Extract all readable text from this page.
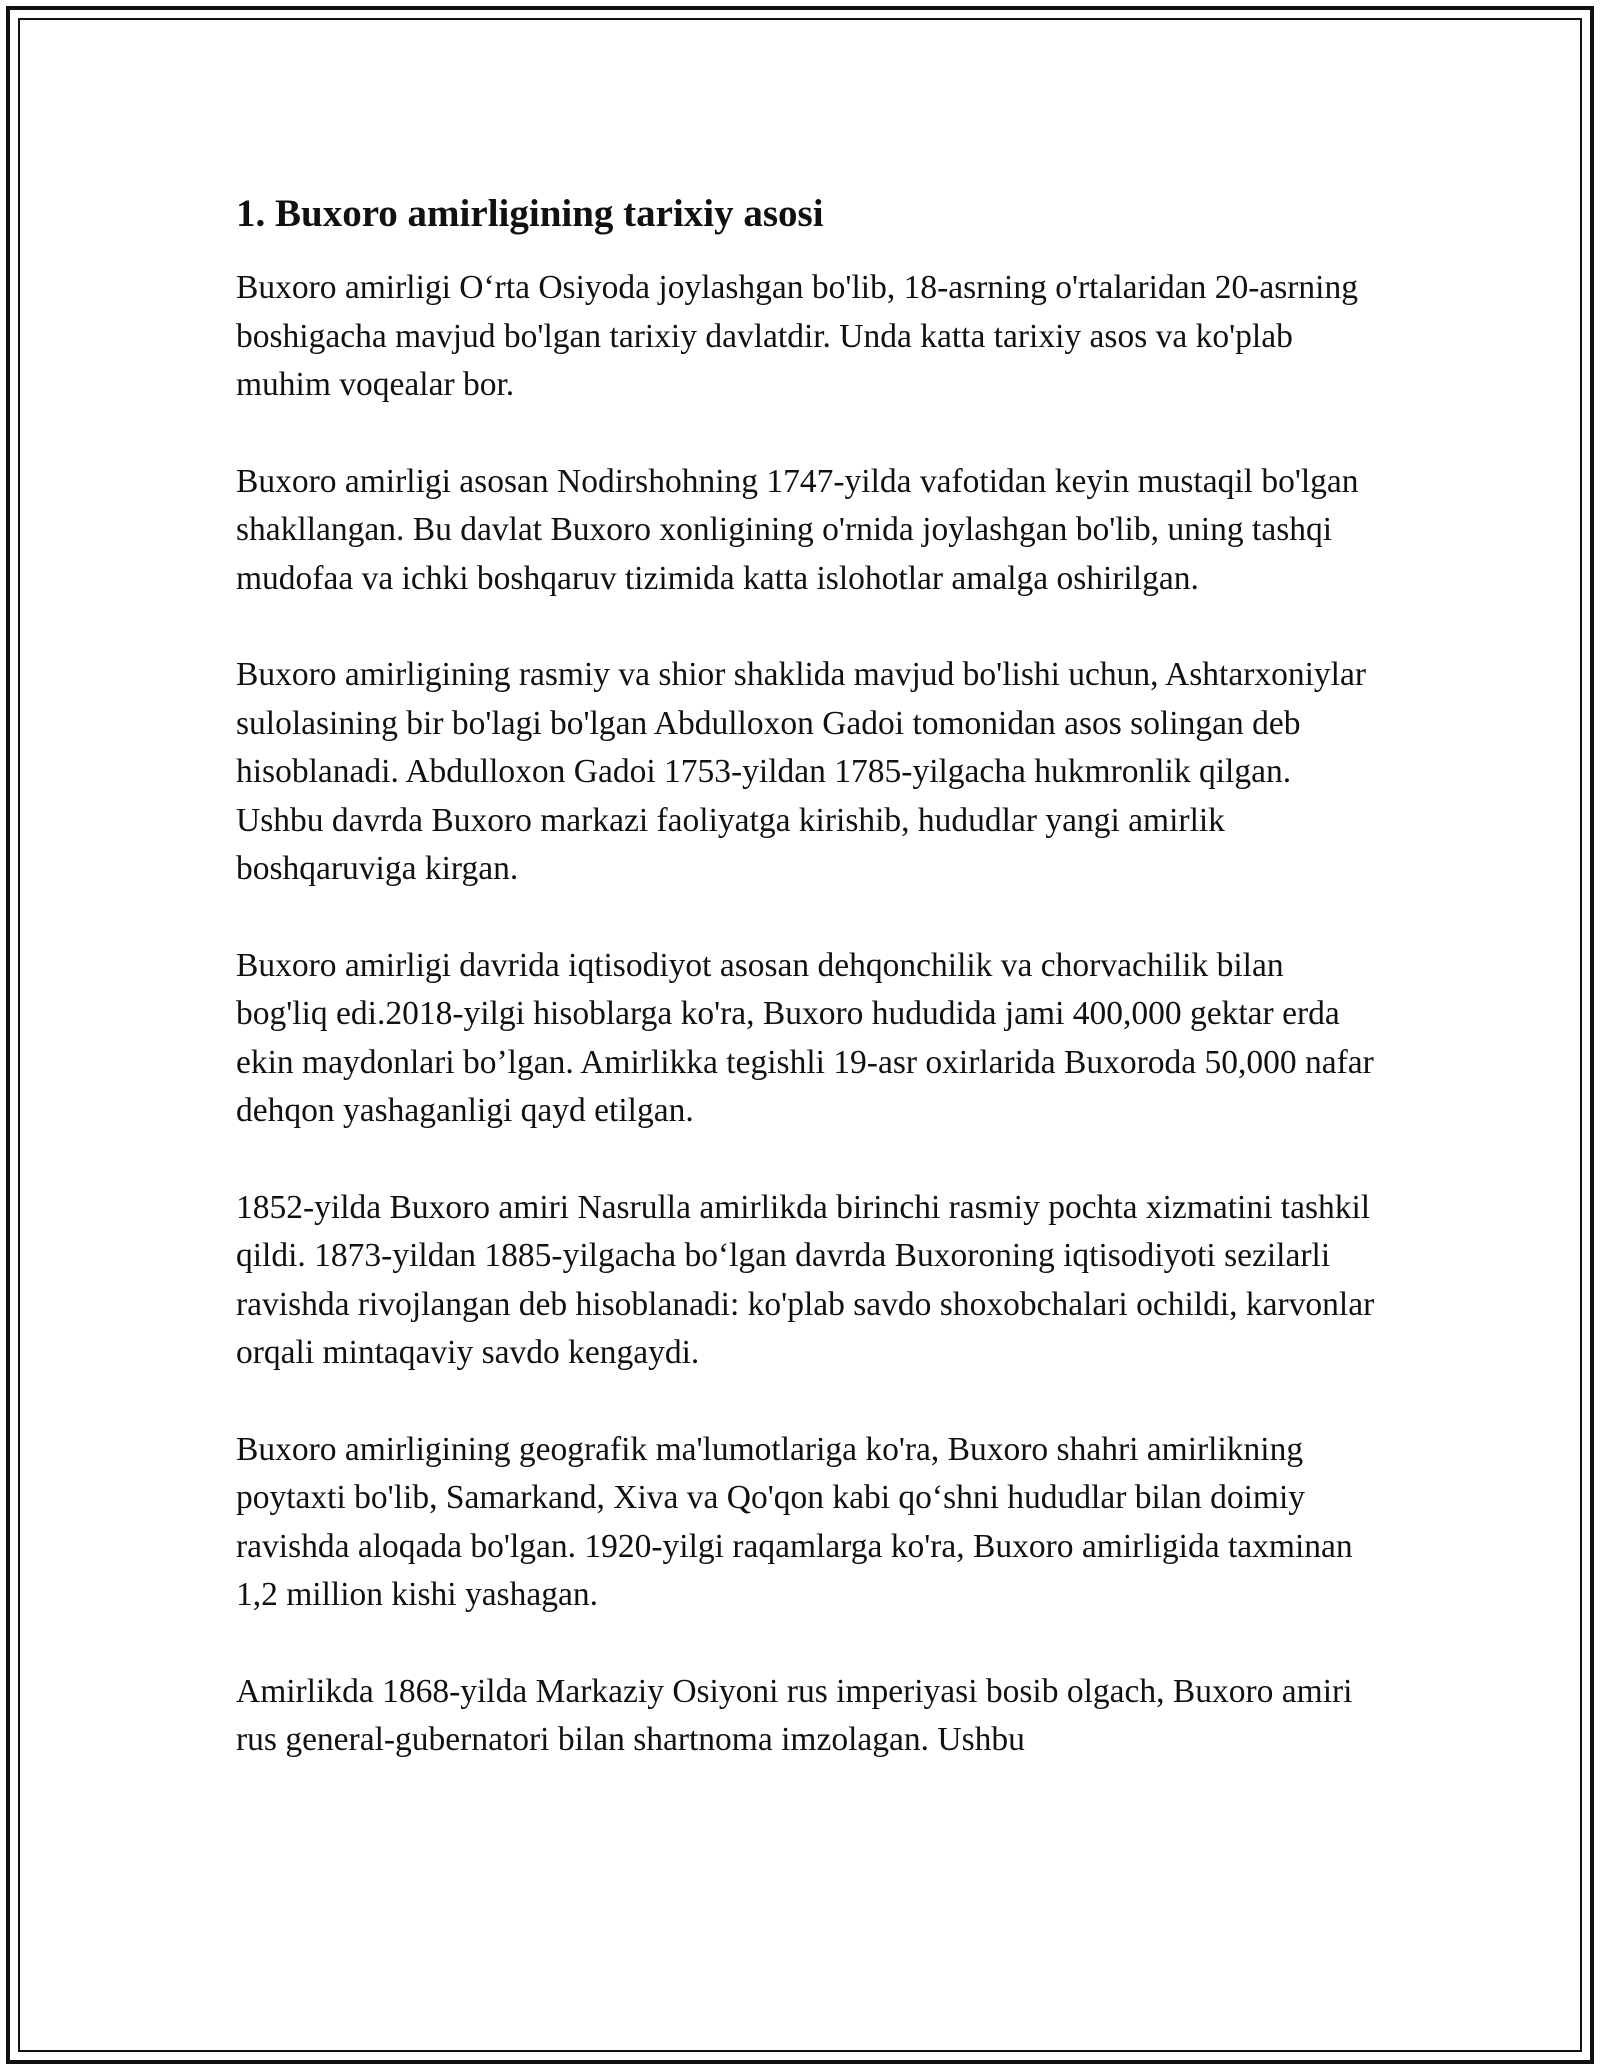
1. Buxoro amirligining tarixiy asosi

Buxoro amirligi O‘rta Osiyoda joylashgan bo'lib, 18-asrning o'rtalaridan 20-asrning boshigacha mavjud bo'lgan tarixiy davlatdir. Unda katta tarixiy asos va ko'plab muhim voqealar bor.

Buxoro amirligi asosan Nodirshohning 1747-yilda vafotidan keyin mustaqil bo'lgan shakllangan. Bu davlat Buxoro xonligining o'rnida joylashgan bo'lib, uning tashqi mudofaa va ichki boshqaruv tizimida katta islohotlar amalga oshirilgan.

Buxoro amirligining rasmiy va shior shaklida mavjud bo'lishi uchun, Ashtarxoniylar sulolasining bir bo'lagi bo'lgan Abdulloxon Gadoi tomonidan asos solingan deb hisoblanadi. Abdulloxon Gadoi 1753-yildan 1785-yilgacha hukmronlik qilgan. Ushbu davrda Buxoro markazi faoliyatga kirishib, hududlar yangi amirlik boshqaruviga kirgan.

Buxoro amirligi davrida iqtisodiyot asosan dehqonchilik va chorvachilik bilan bog'liq edi.2018-yilgi hisoblarga ko'ra, Buxoro hududida jami 400,000 gektar erda ekin maydonlari bo’lgan. Amirlikka tegishli 19-asr oxirlarida Buxoroda 50,000 nafar dehqon yashaganligi qayd etilgan.

1852-yilda Buxoro amiri Nasrulla amirlikda birinchi rasmiy pochta xizmatini tashkil qildi. 1873-yildan 1885-yilgacha bo‘lgan davrda Buxoroning iqtisodiyoti sezilarli ravishda rivojlangan deb hisoblanadi: ko'plab savdo shoxobchalari ochildi, karvonlar orqali mintaqaviy savdo kengaydi.

Buxoro amirligining geografik ma'lumotlariga ko'ra, Buxoro shahri amirlikning poytaxti bo'lib, Samarkand, Xiva va Qo'qon kabi qo‘shni hududlar bilan doimiy ravishda aloqada bo'lgan. 1920-yilgi raqamlarga ko'ra, Buxoro amirligida taxminan 1,2 million kishi yashagan.

Amirlikda 1868-yilda Markaziy Osiyoni rus imperiyasi bosib olgach, Buxoro amiri rus general-gubernatori bilan shartnoma imzolagan. Ushbu
